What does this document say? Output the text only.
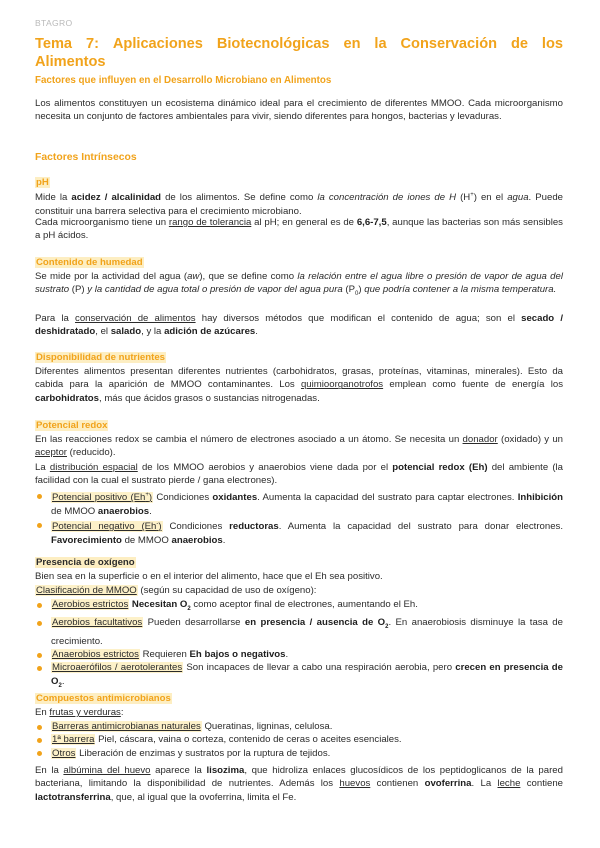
BTAGRO
Tema 7: Aplicaciones Biotecnológicas en la Conservación de los
Alimentos
Factores que influyen en el Desarrollo Microbiano en Alimentos
Los alimentos constituyen un ecosistema dinámico ideal para el crecimiento de diferentes MMOO. Cada microorganismo necesita un conjunto de factores ambientales para vivir, siendo diferentes para hongos, bacterias y levaduras.
Factores Intrínsecos
pH
Mide la acidez / alcalinidad de los alimentos. Se define como la concentración de iones de H (H+) en el agua. Puede constituir una barrera selectiva para el crecimiento microbiano.
Cada microorganismo tiene un rango de tolerancia al pH; en general es de 6,6-7,5, aunque las bacterias son más sensibles a pH ácidos.
Contenido de humedad
Se mide por la actividad del agua (aw), que se define como la relación entre el agua libre o presión de vapor de agua del sustrato (P) y la cantidad de agua total o presión de vapor del agua pura $(P_0)$ que podría contener a la misma temperatura.
Para la conservación de alimentos hay diversos métodos que modifican el contenido de agua; son el secado / deshidratado, el salado, y la adición de azúcares.
Disponibilidad de nutrientes
Diferentes alimentos presentan diferentes nutrientes (carbohidratos, grasas, proteínas, vitaminas, minerales). Esto da cabida para la aparición de MMOO contaminantes. Los quimioorganotrofos emplean como fuente de energía los carbohidratos, más que ácidos grasos o sustancias nitrogenadas.
Potencial redox
En las reacciones redox se cambia el número de electrones asociado a un átomo. Se necesita un donador (oxidado) y un aceptor (reducido).
La distribución espacial de los MMOO aerobios y anaerobios viene dada por el potencial redox (Eh) del ambiente (la facilidad con la cual el sustrato pierde / gana electrones).
Potencial positivo (Eh+) Condiciones oxidantes. Aumenta la capacidad del sustrato para captar electrones. Inhibición de MMOO anaerobios.
Potencial negativo (Eh-) Condiciones reductoras. Aumenta la capacidad del sustrato para donar electrones. Favorecimiento de MMOO anaerobios.
Presencia de oxígeno
Bien sea en la superficie o en el interior del alimento, hace que el Eh sea positivo.
Clasificación de MMOO (según su capacidad de uso de oxígeno):
Aerobios estrictos Necesitan $O_2$ como aceptor final de electrones, aumentando el Eh.
Aerobios facultativos Pueden desarrollarse en presencia / ausencia de $O_2$. En anaerobiosis disminuye la tasa de crecimiento.
Anaerobios estrictos Requieren Eh bajos o negativos.
Microaerófilos / aerotolerantes Son incapaces de llevar a cabo una respiración aerobia, pero crecen en presencia de $O_2$.
Compuestos antimicrobianos
En frutas y verduras:
Barreras antimicrobianas naturales Queratinas, ligninas, celulosa.
1ª barrera Piel, cáscara, vaina o corteza, contenido de ceras o aceites esenciales.
Otros Liberación de enzimas y sustratos por la ruptura de tejidos.
En la albúmina del huevo aparece la lisozima, que hidroliza enlaces glucosídicos de los peptidoglicanos de la pared bacteriana, limitando la disponibilidad de nutrientes. Además los huevos contienen ovoferrina. La leche contiene lactotransferrina, que, al igual que la ovoferrina, limita el Fe.
